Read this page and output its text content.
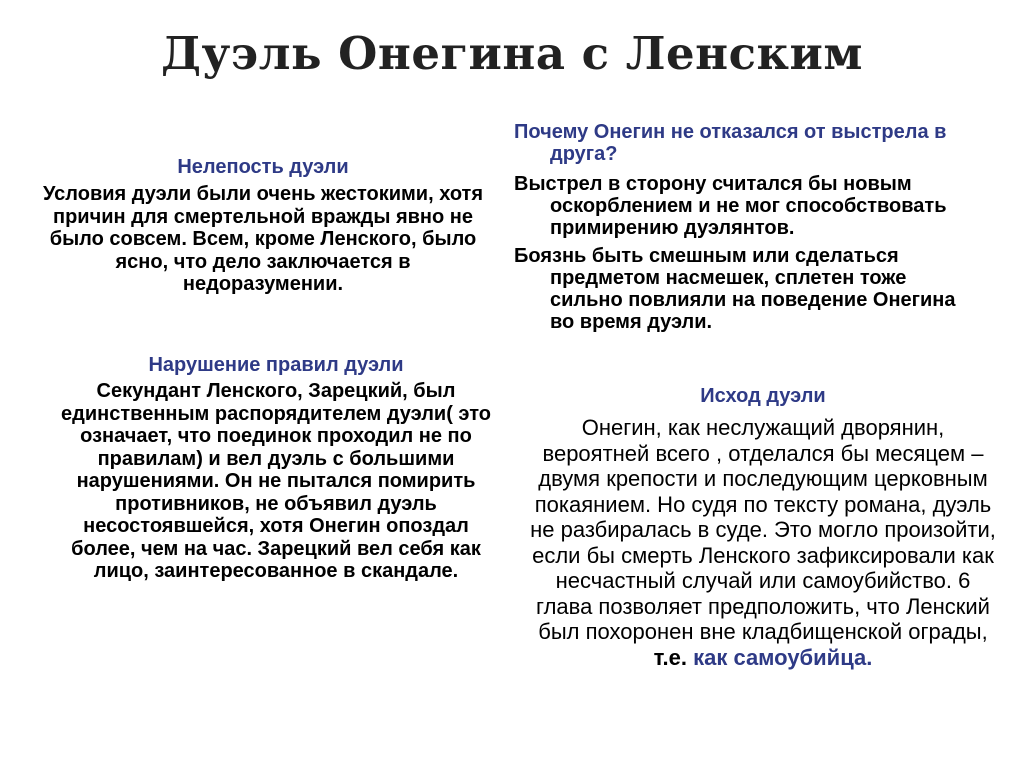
Дуэль Онегина с Ленским
Нелепость дуэли

Условия дуэли были очень жестокими, хотя причин для смертельной вражды явно не было совсем. Всем, кроме Ленского, было ясно, что дело заключается в недоразумении.

Нарушение правил дуэли

Секундант Ленского, Зарецкий, был единственным распорядителем дуэли( это означает, что поединок проходил не по правилам) и вел дуэль с большими нарушениями. Он не пытался помирить противников, не объявил дуэль несостоявшейся, хотя Онегин опоздал более, чем на час. Зарецкий вел себя как лицо, заинтересованное в скандале.

Почему Онегин не отказался от выстрела в друга?

Выстрел в сторону считался бы новым оскорблением и не мог способствовать примирению дуэлянтов.

Боязнь быть смешным или сделаться предметом насмешек, сплетен тоже сильно повлияли на поведение Онегина во время дуэли.

Исход дуэли

Онегин, как неслужащий дворянин, вероятней всего , отделался бы месяцем – двумя крепости и последующим церковным покаянием. Но судя по тексту романа, дуэль не разбиралась в суде. Это могло произойти, если бы смерть Ленского зафиксировали как несчастный случай или самоубийство. 6 глава позволяет предположить, что Ленский был похоронен вне кладбищенской ограды, т.е. как самоубийца.
